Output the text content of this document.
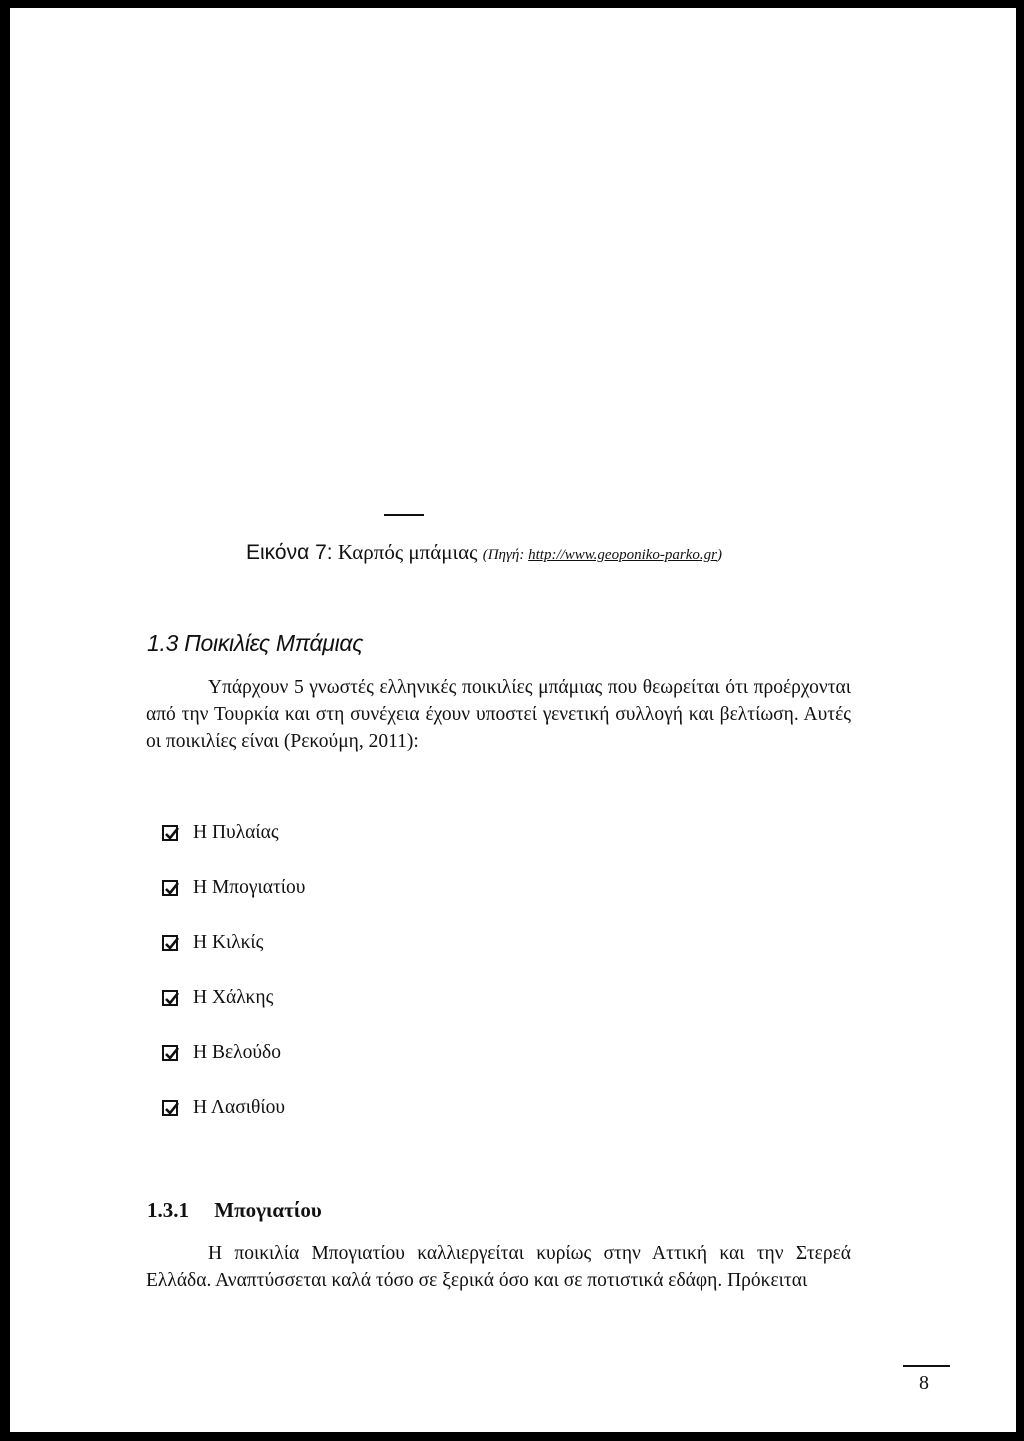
Εικόνα 7: Καρπός μπάμιας (Πηγή: http://www.geoponiko-parko.gr)
1.3 Ποικιλίες Μπάμιας
Υπάρχουν 5 γνωστές ελληνικές ποικιλίες μπάμιας που θεωρείται ότι προέρχονται από την Τουρκία και στη συνέχεια έχουν υποστεί γενετική συλλογή και βελτίωση. Αυτές οι ποικιλίες είναι (Ρεκούμη, 2011):
Η Πυλαίας
Η Μπογιατίου
Η Κιλκίς
Η Χάλκης
Η Βελούδο
Η Λασιθίου
1.3.1 Μπογιατίου
Η ποικιλία Μπογιατίου καλλιεργείται κυρίως στην Αττική και την Στερεά Ελλάδα. Αναπτύσσεται καλά τόσο σε ξερικά όσο και σε ποτιστικά εδάφη. Πρόκειται
8
